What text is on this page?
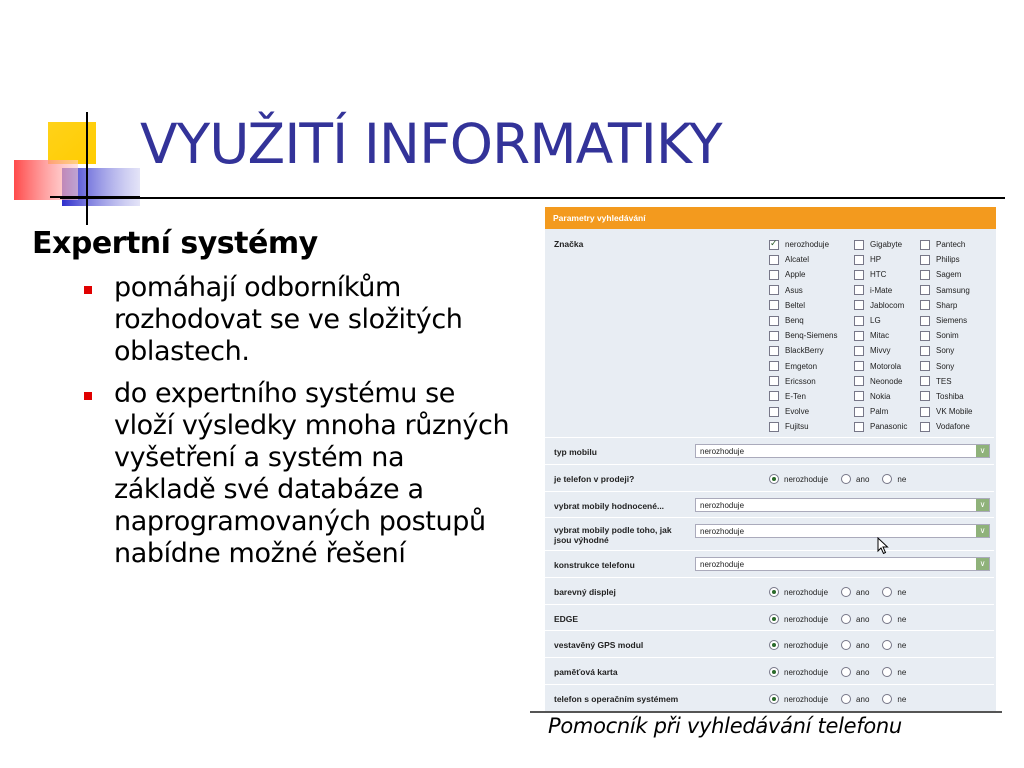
VYUŽITÍ INFORMATIKY
Expertní systémy
pomáhají odborníkům rozhodovat se ve složitých oblastech.
do expertního systému se vloží výsledky mnoha různých vyšetření a systém na základě své databáze a naprogramovaných postupů nabídne možné řešení
Parametry vyhledávání
Značka
✓	nerozhoduje
Alcatel
Apple
Asus
Beltel
Benq
Benq-Siemens
BlackBerry
Emgeton
Ericsson
E-Ten
Evolve
Fujitsu
Gigabyte
HP
HTC
i-Mate
Jablocom
LG
Mitac
Mivvy
Motorola
Neonode
Nokia
Palm
Panasonic
Pantech
Philips
Sagem
Samsung
Sharp
Siemens
Sonim
Sony
Sony
TES
Toshiba
VK Mobile
Vodafone
typ mobilu	nerozhoduje	∨
je telefon v prodeji?	nerozhoduje	ano	ne
vybrat mobily hodnocené...	nerozhoduje	∨
vybrat mobily podle toho, jak jsou výhodné
nerozhoduje	∨
konstrukce telefonu	nerozhoduje	∨
barevný displej	nerozhoduje	ano	ne
EDGE	nerozhoduje	ano	ne
vestavěný GPS modul	nerozhoduje	ano	ne
paměťová karta	nerozhoduje	ano	ne
telefon s operačním systémem	nerozhoduje	ano	ne
Pomocník při vyhledávání telefonu
